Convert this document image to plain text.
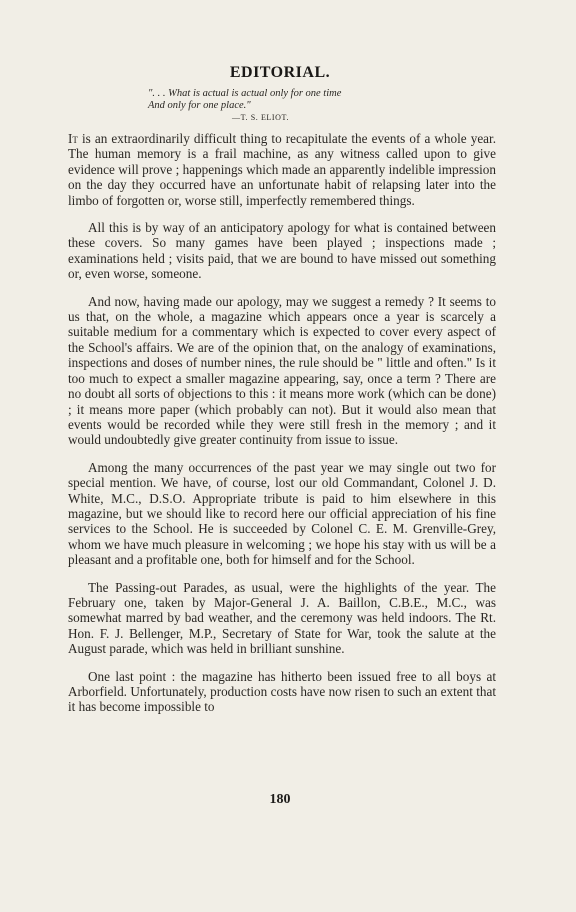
EDITORIAL.
". . . What is actual is actual only for one time
And only for one place."
—T. S. ELIOT.

It is an extraordinarily difficult thing to recapitulate the events of a whole year. The human memory is a frail machine, as any witness called upon to give evidence will prove ; happenings which made an apparently indelible impression on the day they occurred have an unfortunate habit of relapsing later into the limbo of forgotten or, worse still, imperfectly remembered things.

All this is by way of an anticipatory apology for what is contained between these covers. So many games have been played ; inspections made ; examinations held ; visits paid, that we are bound to have missed out something or, even worse, someone.

And now, having made our apology, may we suggest a remedy ? It seems to us that, on the whole, a magazine which appears once a year is scarcely a suitable medium for a commentary which is expected to cover every aspect of the School's affairs. We are of the opinion that, on the analogy of examinations, inspections and doses of number nines, the rule should be " little and often." Is it too much to expect a smaller magazine appearing, say, once a term ? There are no doubt all sorts of objections to this : it means more work (which can be done) ; it means more paper (which probably can not). But it would also mean that events would be recorded while they were still fresh in the memory ; and it would undoubtedly give greater continuity from issue to issue.

Among the many occurrences of the past year we may single out two for special mention. We have, of course, lost our old Commandant, Colonel J. D. White, M.C., D.S.O. Appropriate tribute is paid to him elsewhere in this magazine, but we should like to record here our official appreciation of his fine services to the School. He is succeeded by Colonel C. E. M. Grenville-Grey, whom we have much pleasure in welcoming ; we hope his stay with us will be a pleasant and a profitable one, both for himself and for the School.

The Passing-out Parades, as usual, were the highlights of the year. The February one, taken by Major-General J. A. Baillon, C.B.E., M.C., was somewhat marred by bad weather, and the ceremony was held indoors. The Rt. Hon. F. J. Bellenger, M.P., Secretary of State for War, took the salute at the August parade, which was held in brilliant sunshine.

One last point : the magazine has hitherto been issued free to all boys at Arborfield. Unfortunately, production costs have now risen to such an extent that it has become impossible to

180
